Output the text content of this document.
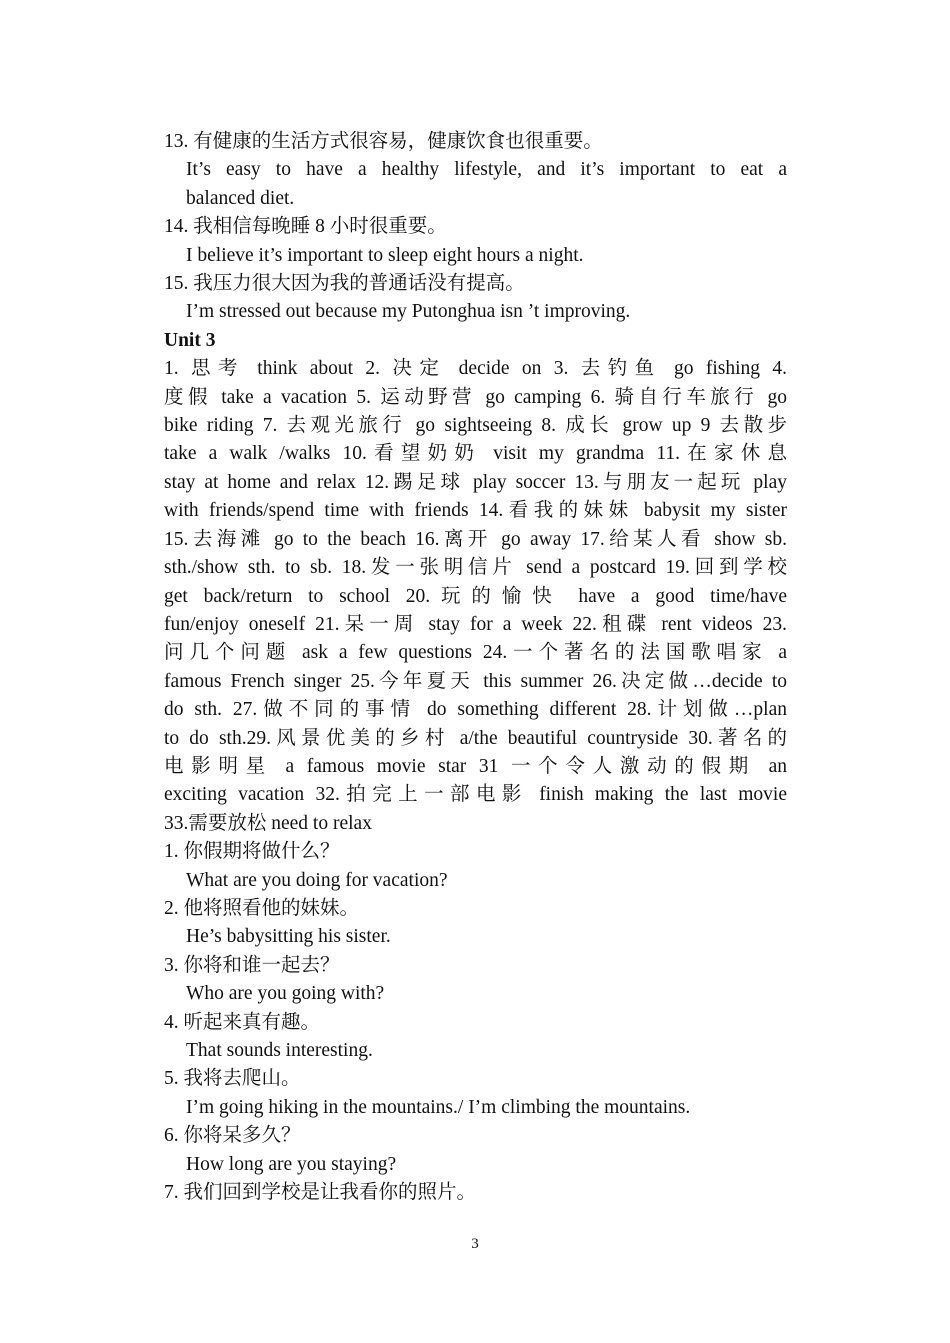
13. 有健康的生活方式很容易，健康饮食也很重要。
It’s easy to have a healthy lifestyle, and it’s important to eat a
balanced diet.
14. 我相信每晚睡 8 小时很重要。
I believe it’s important to sleep eight hours a night.
15. 我压力很大因为我的普通话没有提高。
I’m stressed out because my Putonghua isn ’t improving.
Unit 3
1. 思考 think about 2. 决定 decide on 3. 去钓鱼 go fishing 4.
度假 take a vacation 5. 运动野营 go camping 6. 骑自行车旅行 go
bike riding 7. 去观光旅行 go sightseeing 8. 成长 grow up 9 去散步
take a walk /walks 10.看望奶奶 visit my grandma 11.在家休息
stay at home and relax 12.踢足球 play soccer 13.与朋友一起玩 play
with friends/spend time with friends 14.看我的妹妹 babysit my sister
15.去海滩 go to the beach 16.离开 go away 17.给某人看 show sb.
sth./show sth. to sb. 18.发一张明信片 send a postcard 19.回到学校
get back/return to school 20.玩的愉快 have a good time/have
fun/enjoy oneself 21.呆一周 stay for a week 22.租碟 rent videos 23.
问几个问题 ask a few questions 24.一个著名的法国歌唱家 a
famous French singer 25.今年夏天 this summer 26.决定做…decide to
do sth. 27.做不同的事情 do something different 28.计划做…plan
to do sth.29.风景优美的乡村 a/the beautiful countryside 30.著名的
电影明星 a famous movie star 31 一个令人激动的假期 an
exciting vacation 32.拍完上一部电影 finish making the last movie
33.需要放松 need to relax
1. 你假期将做什么？
What are you doing for vacation?
2. 他将照看他的妹妹。
He’s babysitting his sister.
3. 你将和谁一起去？
Who are you going with?
4. 听起来真有趣。
That sounds interesting.
5. 我将去爬山。
I’m going hiking in the mountains./ I’m climbing the mountains.
6. 你将呆多久？
How long are you staying?
7. 我们回到学校是让我看你的照片。
3
